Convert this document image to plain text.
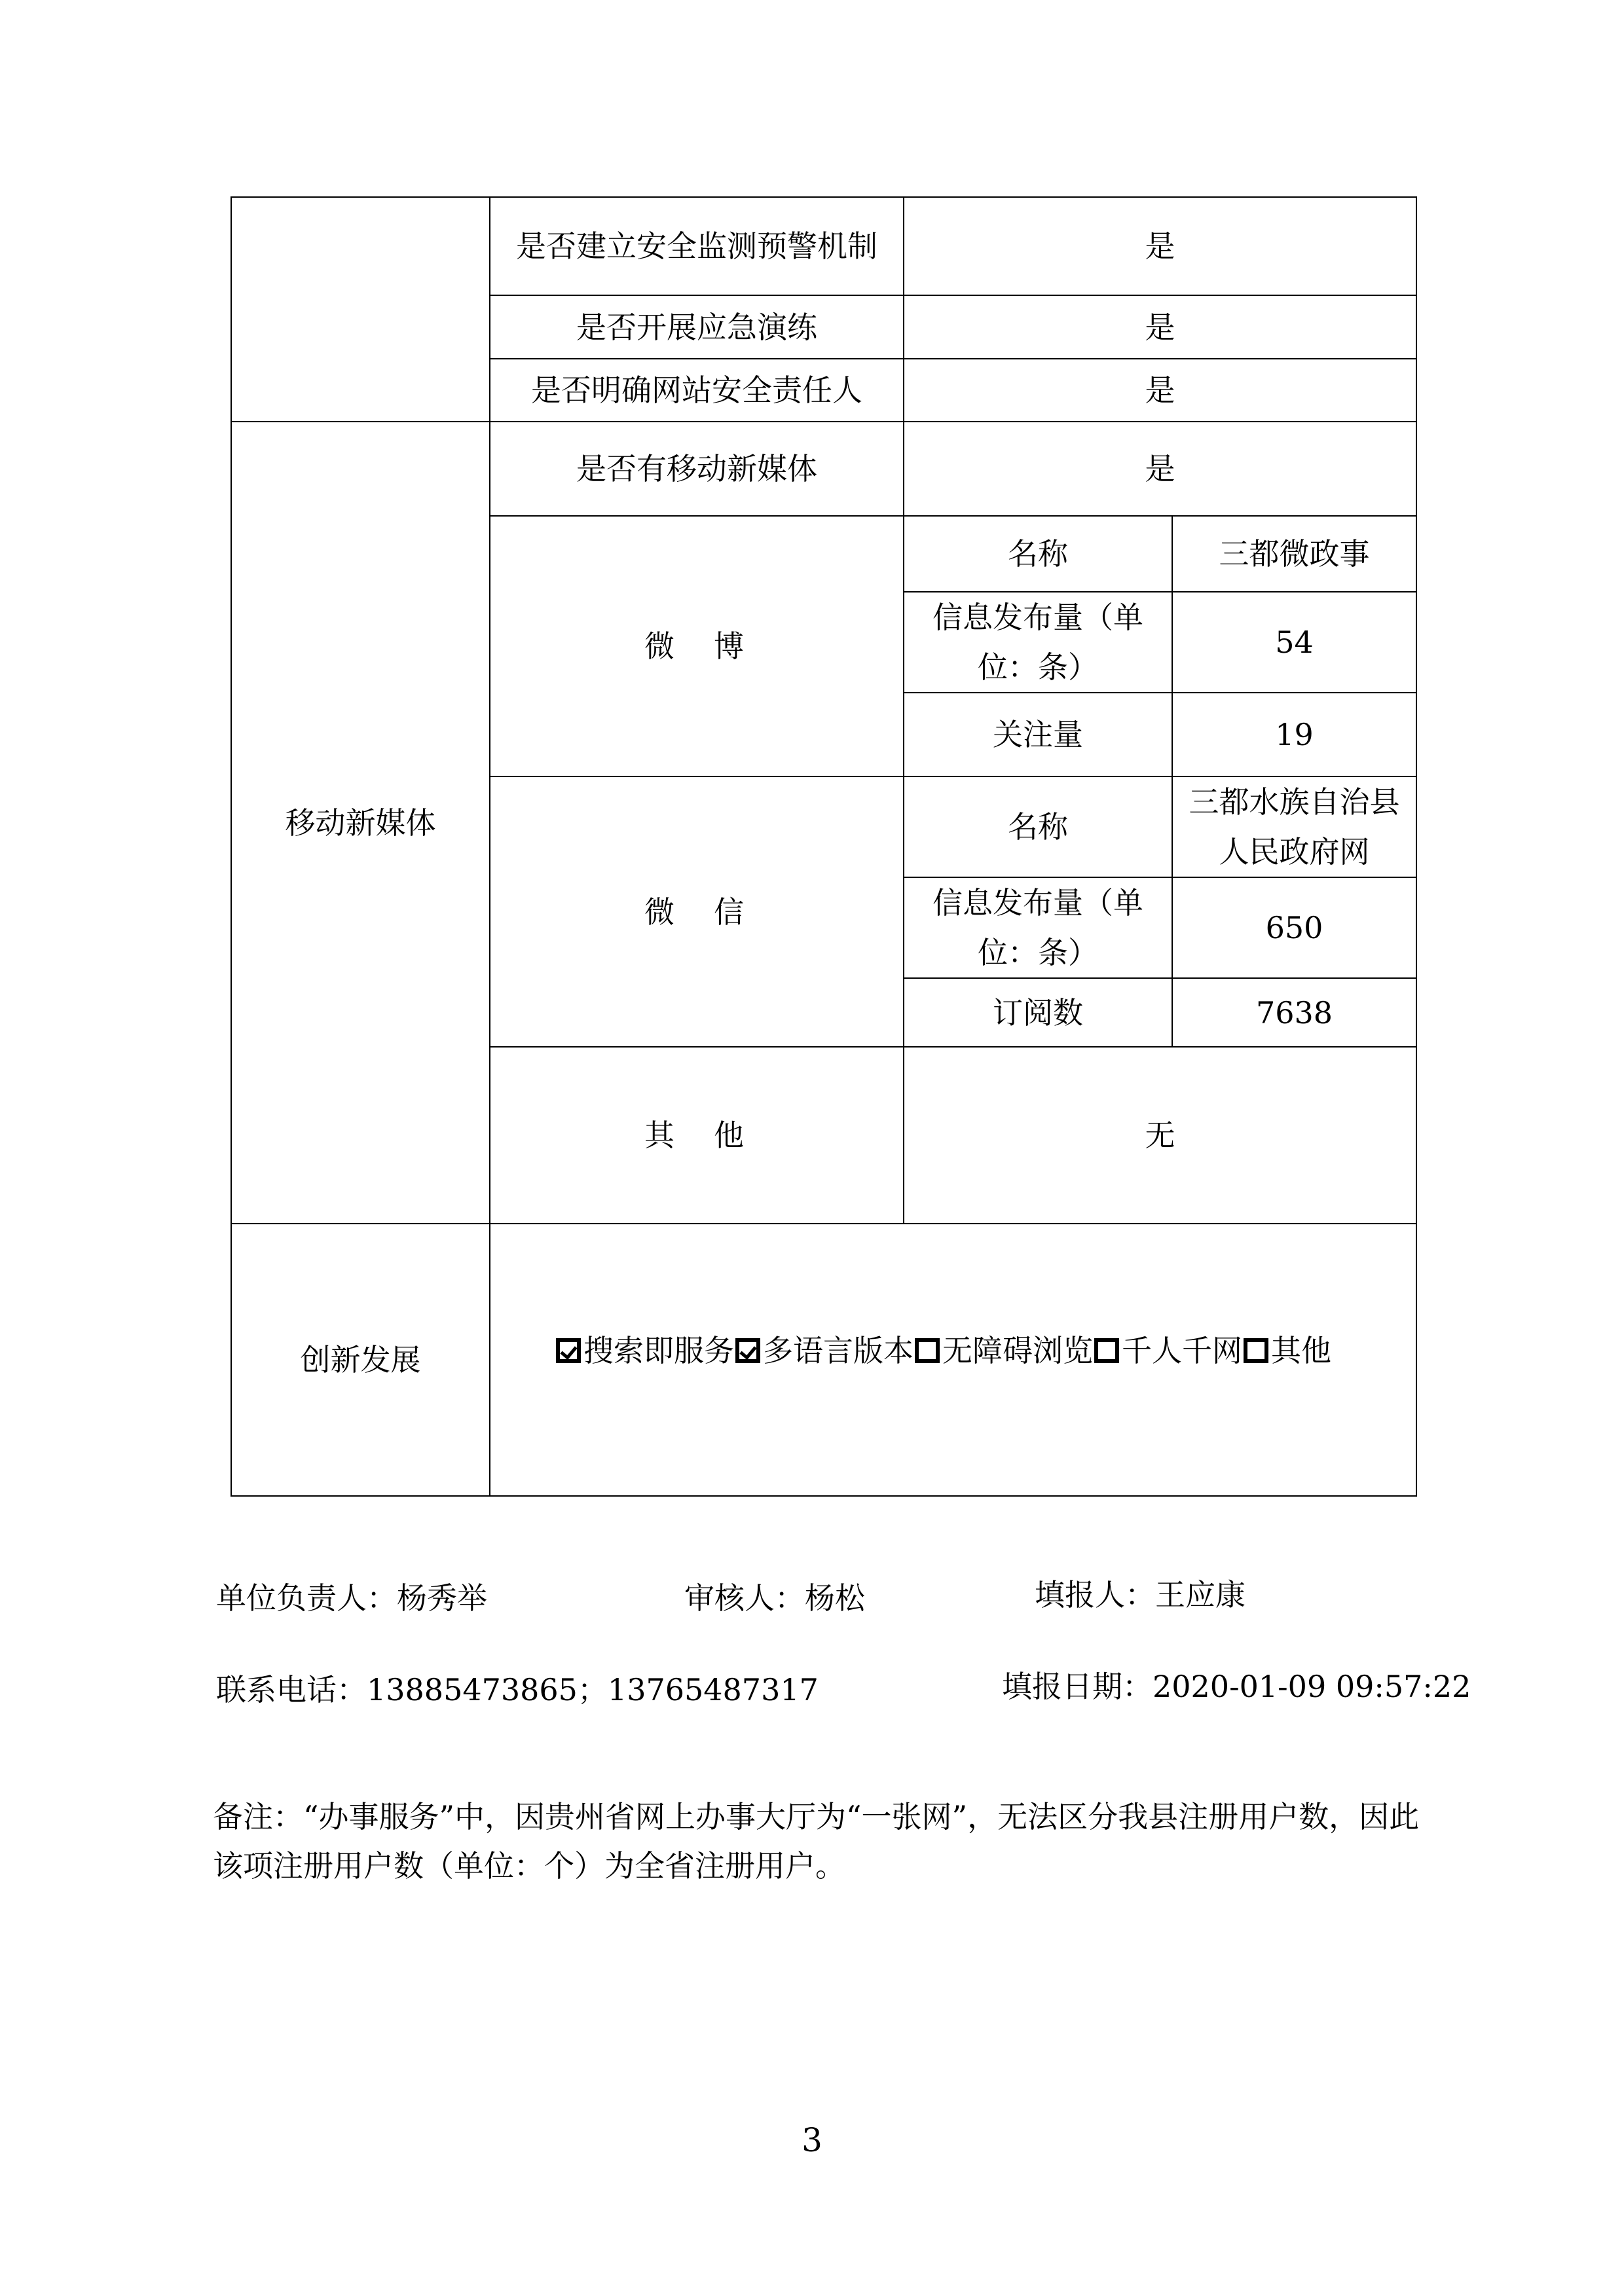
	是否建立安全监测预警机制	是	
	是否开展应急演练	是	
	是否明确网站安全责任人	是	
移动新媒体	是否有移动新媒体	是	
	微博	名称	三都微政事
		信息发布量（单位：条）	54
		关注量	19
	微信	名称	三都水族自治县人民政府网
		信息发布量（单位：条）	650
		订阅数	7638
	其他	无	
创新发展	搜索即服务 多语言版本 无障碍浏览 千人千网 其他		
单位负责人：杨秀举	审核人：杨松	填报人：王应康
联系电话：13885473865；13765487317	填报日期：2020-01-09 09:57:22
备注：“办事服务”中，因贵州省网上办事大厅为“一张网”，无法区分我县注册用户数，因此该项注册用户数（单位：个）为全省注册用户。
3
